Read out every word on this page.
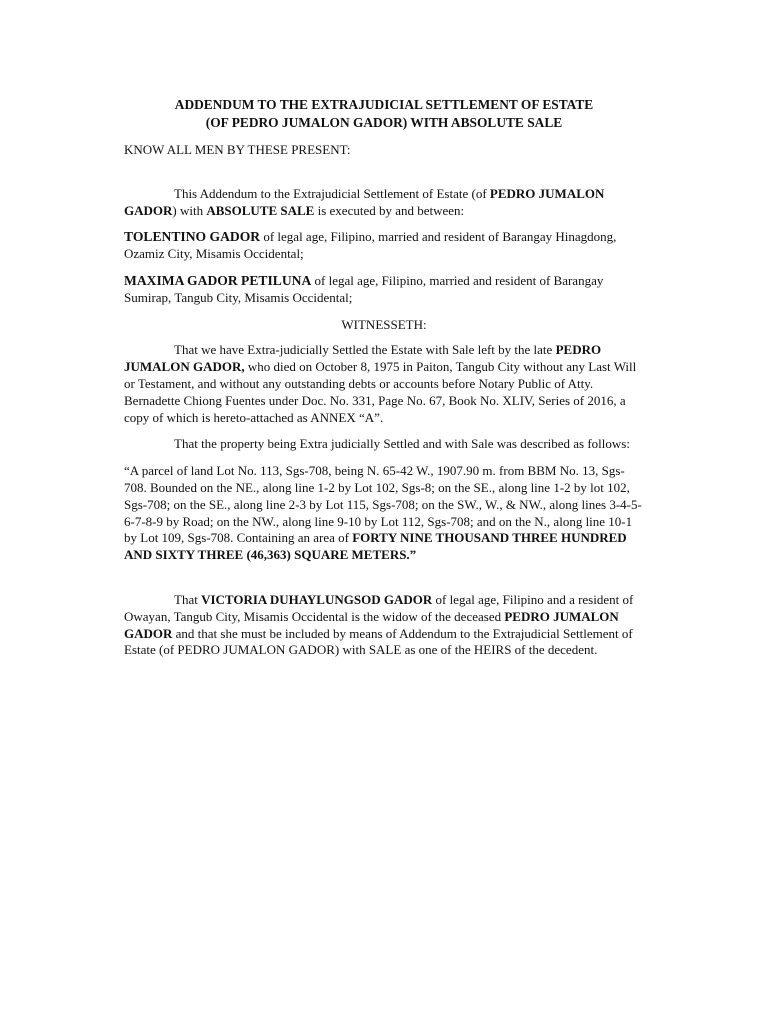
ADDENDUM TO THE EXTRAJUDICIAL SETTLEMENT OF ESTATE

(OF PEDRO JUMALON GADOR) WITH ABSOLUTE SALE

KNOW ALL MEN BY THESE PRESENT:

This Addendum to the Extrajudicial Settlement of Estate (of PEDRO JUMALON GADOR) with ABSOLUTE SALE is executed by and between:

TOLENTINO GADOR of legal age, Filipino, married and resident of Barangay Hinagdong, Ozamiz City, Misamis Occidental;

MAXIMA GADOR PETILUNA of legal age, Filipino, married and resident of Barangay Sumirap, Tangub City, Misamis Occidental;

WITNESSETH:

That we have Extra-judicially Settled the Estate with Sale left by the late PEDRO JUMALON GADOR, who died on October 8, 1975 in Paiton, Tangub City without any Last Will or Testament, and without any outstanding debts or accounts before Notary Public of Atty. Bernadette Chiong Fuentes under Doc. No. 331, Page No. 67, Book No. XLIV, Series of 2016, a copy of which is hereto-attached as ANNEX “A”.

That the property being Extra judicially Settled and with Sale was described as follows:

“A parcel of land Lot No. 113, Sgs-708, being N. 65-42 W., 1907.90 m. from BBM No. 13, Sgs-708. Bounded on the NE., along line 1-2 by Lot 102, Sgs-8; on the SE., along line 1-2 by lot 102, Sgs-708; on the SE., along line 2-3 by Lot 115, Sgs-708; on the SW., W., & NW., along lines 3-4-5-6-7-8-9 by Road; on the NW., along line 9-10 by Lot 112, Sgs-708; and on the N., along line 10-1 by Lot 109, Sgs-708. Containing an area of FORTY NINE THOUSAND THREE HUNDRED AND SIXTY THREE (46,363) SQUARE METERS.”

That VICTORIA DUHAYLUNGSOD GADOR of legal age, Filipino and a resident of Owayan, Tangub City, Misamis Occidental is the widow of the deceased PEDRO JUMALON GADOR and that she must be included by means of Addendum to the Extrajudicial Settlement of Estate (of PEDRO JUMALON GADOR) with SALE as one of the HEIRS of the decedent.
